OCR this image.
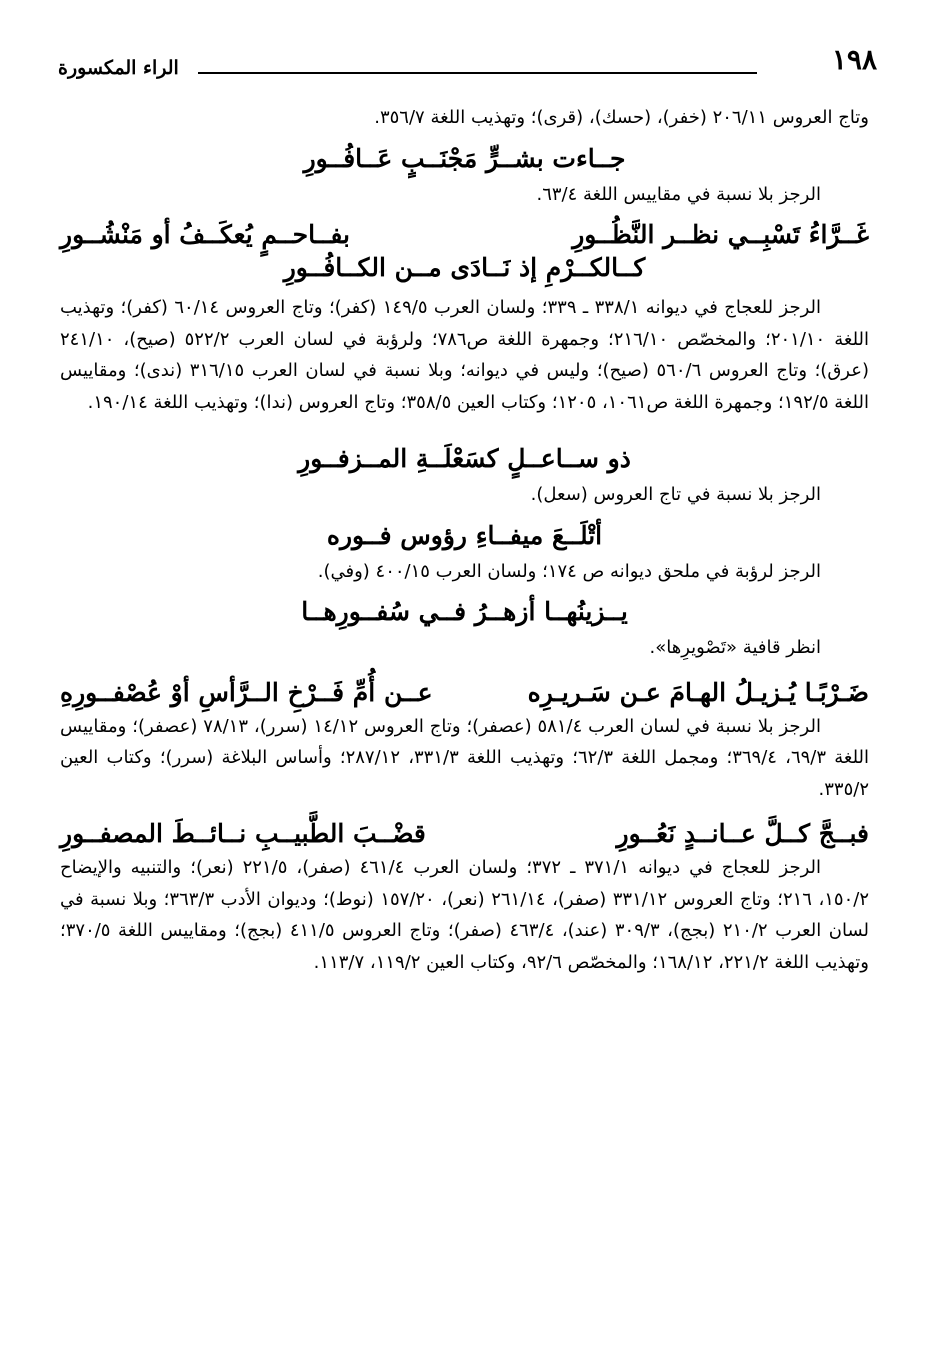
الراء المكسورة	١٩٨

وتاج العروس ٢٠٦/١١ (خفر)، (حسك)، (قرى)؛ وتهذيب اللغة ٣٥٦/٧.

جــاءت بشــرٍّ مَجْنَــبٍ عَــافُــورِ

الرجز بلا نسبة في مقاييس اللغة ٦٣/٤.

غَــرَّاءُ تَسْبِــي نظــر النَّظُــورِ
بفــاحــمٍ يُعكَــفُ أو مَنْشُــورِ

كــالكــرْمِ إذ نَــادَى مــن الكــافُــورِ

الرجز للعجاج في ديوانه ٣٣٨/١ ـ ٣٣٩؛ ولسان العرب ١٤٩/٥ (كفر)؛ وتاج العروس ٦٠/١٤ (كفر)؛ وتهذيب اللغة ٢٠١/١٠؛ والمخصّص ٢١٦/١٠؛ وجمهرة اللغة ص٧٨٦؛ ولرؤبة في لسان العرب ٥٢٢/٢ (صيح)، ٢٤١/١٠ (عرق)؛ وتاج العروس ٥٦٠/٦ (صيح)؛ وليس في ديوانه؛ وبلا نسبة في لسان العرب ٣١٦/١٥ (ندى)؛ ومقاييس اللغة ١٩٢/٥؛ وجمهرة اللغة ص١٠٦١، ١٢٠٥؛ وكتاب العين ٣٥٨/٥؛ وتاج العروس (ندا)؛ وتهذيب اللغة ١٩٠/١٤.

ذو ســاعــلٍ كسَعْلَــةِ المــزفــورِ

الرجز بلا نسبة في تاج العروس (سعل).

أتْلَــعَ ميفــاءِ رؤوس فــوره

الرجز لرؤبة في ملحق ديوانه ص ١٧٤؛ ولسان العرب ٤٠٠/١٥ (وفي).

يــزينُهــا أزهــرُ فــي سُفــورِهــا

انظر قافية «تَصْويرِها».

ضَـرْبًـا يُـزيـلُ الهـامَ عـن سَـريـرِه
عــن أُمِّ فَــرْخِ الــرَّأسِ أوْ عُصْفــورِهِ

الرجز بلا نسبة في لسان العرب ٥٨١/٤ (عصفر)؛ وتاج العروس ١٤/١٢ (سرر)، ٧٨/١٣ (عصفر)؛ ومقاييس اللغة ٦٩/٣، ٣٦٩/٤؛ ومجمل اللغة ٦٢/٣؛ وتهذيب اللغة ٣٣١/٣، ٢٨٧/١٢؛ وأساس البلاغة (سرر)؛ وكتاب العين ٣٣٥/٢.

فبــجَّ كــلَّ عــانــدٍ نَعُــورِ
قضْــبَ الطَّبيــبِ نــائــطَ المصفــورِ

الرجز للعجاج في ديوانه ٣٧١/١ ـ ٣٧٢؛ ولسان العرب ٤٦١/٤ (صفر)، ٢٢١/٥ (نعر)؛ والتنبيه والإيضاح ١٥٠/٢، ٢١٦؛ وتاج العروس ٣٣١/١٢ (صفر)، ٢٦١/١٤ (نعر)، ١٥٧/٢٠ (نوط)؛ وديوان الأدب ٣٦٣/٣؛ وبلا نسبة في لسان العرب ٢١٠/٢ (بجج)، ٣٠٩/٣ (عند)، ٤٦٣/٤ (صفر)؛ وتاج العروس ٤١١/٥ (بجج)؛ ومقاييس اللغة ٣٧٠/٥؛ وتهذيب اللغة ٢٢١/٢، ١٦٨/١٢؛ والمخصّص ٩٢/٦، وكتاب العين ١١٩/٢، ١١٣/٧.
